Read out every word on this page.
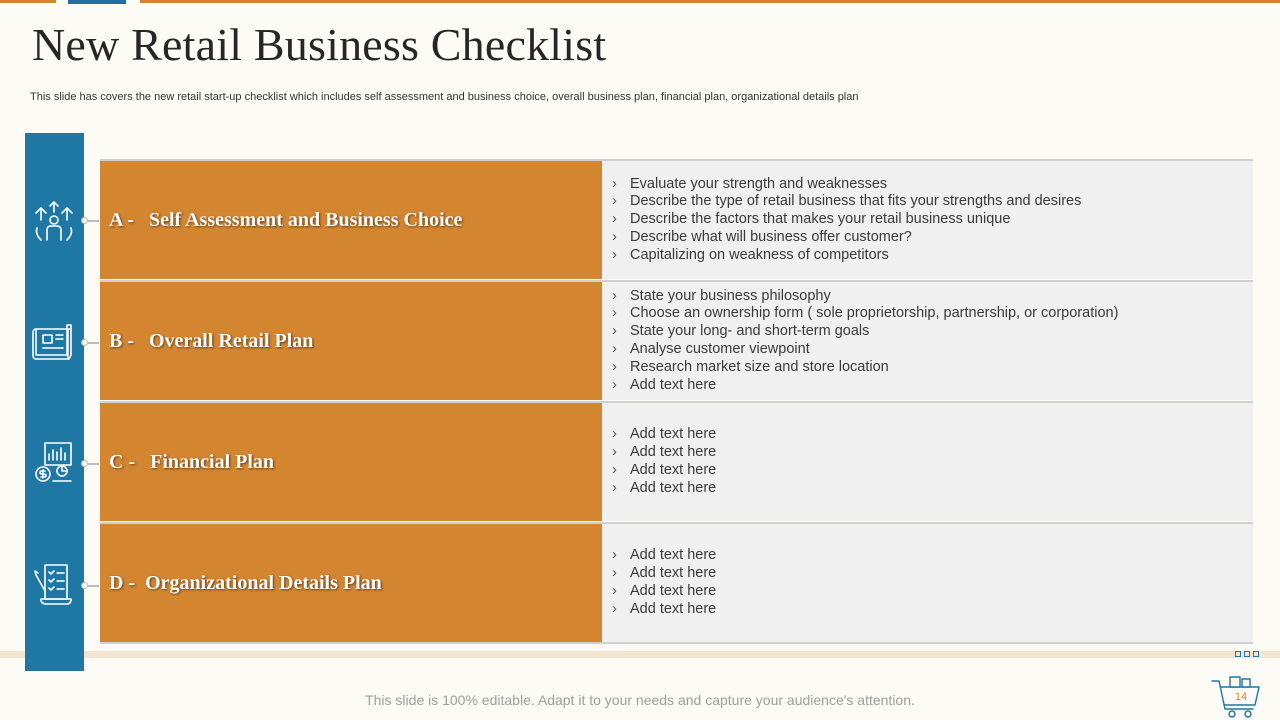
New Retail Business Checklist

This slide has covers the new retail start-up checklist which includes self assessment and business choice, overall business plan, financial plan, organizational details plan

A - Self Assessment and Business Choice
› Evaluate your strength and weaknesses
› Describe the type of retail business that fits your strengths and desires
› Describe the factors that makes your retail business unique
› Describe what will business offer customer?
› Capitalizing on weakness of competitors
B - Overall Retail Plan
› State your business philosophy
› Choose an ownership form ( sole proprietorship, partnership, or corporation)
› State your long- and short-term goals
› Analyse customer viewpoint
› Research market size and store location
› Add text here
C - Financial Plan
› Add text here
› Add text here
› Add text here
› Add text here
D - Organizational Details Plan
› Add text here
› Add text here
› Add text here
› Add text here

This slide is 100% editable. Adapt it to your needs and capture your audience's attention.	14
